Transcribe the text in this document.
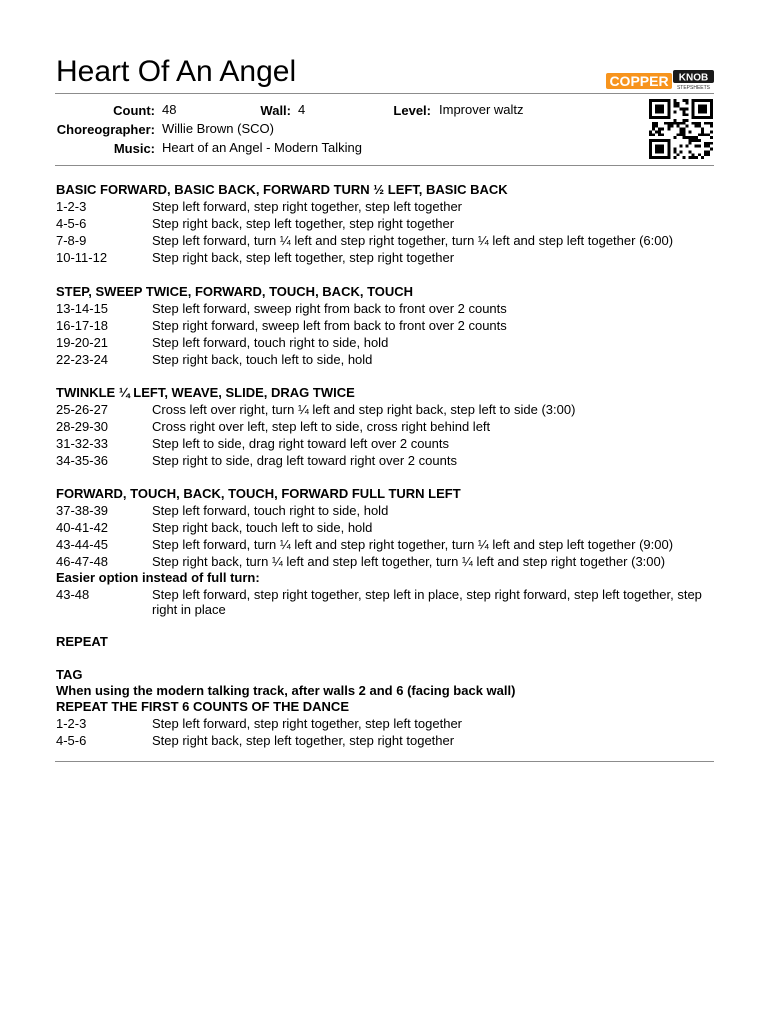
Heart Of An Angel	COPPER KNOB
STEPSHEETS
Count: 48	Wall: 4	Level: Improver waltz
Choreographer: Willie Brown (SCO)
Music: Heart of an Angel - Modern Talking
BASIC FORWARD, BASIC BACK, FORWARD TURN ½ LEFT, BASIC BACK
1-2-3	Step left forward, step right together, step left together
4-5-6	Step right back, step left together, step right together
7-8-9	Step left forward, turn ¼ left and step right together, turn ¼ left and step left together (6:00)
10-11-12	Step right back, step left together, step right together
STEP, SWEEP TWICE, FORWARD, TOUCH, BACK, TOUCH
13-14-15	Step left forward, sweep right from back to front over 2 counts
16-17-18	Step right forward, sweep left from back to front over 2 counts
19-20-21	Step left forward, touch right to side, hold
22-23-24	Step right back, touch left to side, hold
TWINKLE ¼ LEFT, WEAVE, SLIDE, DRAG TWICE
25-26-27	Cross left over right, turn ¼ left and step right back, step left to side (3:00)
28-29-30	Cross right over left, step left to side, cross right behind left
31-32-33	Step left to side, drag right toward left over 2 counts
34-35-36	Step right to side, drag left toward right over 2 counts
FORWARD, TOUCH, BACK, TOUCH, FORWARD FULL TURN LEFT
37-38-39	Step left forward, touch right to side, hold
40-41-42	Step right back, touch left to side, hold
43-44-45	Step left forward, turn ¼ left and step right together, turn ¼ left and step left together (9:00)
46-47-48	Step right back, turn ¼ left and step left together, turn ¼ left and step right together (3:00)
Easier option instead of full turn:
43-48	Step left forward, step right together, step left in place, step right forward, step left together, step right in place
REPEAT
TAG
When using the modern talking track, after walls 2 and 6 (facing back wall)
REPEAT THE FIRST 6 COUNTS OF THE DANCE
1-2-3	Step left forward, step right together, step left together
4-5-6	Step right back, step left together, step right together
